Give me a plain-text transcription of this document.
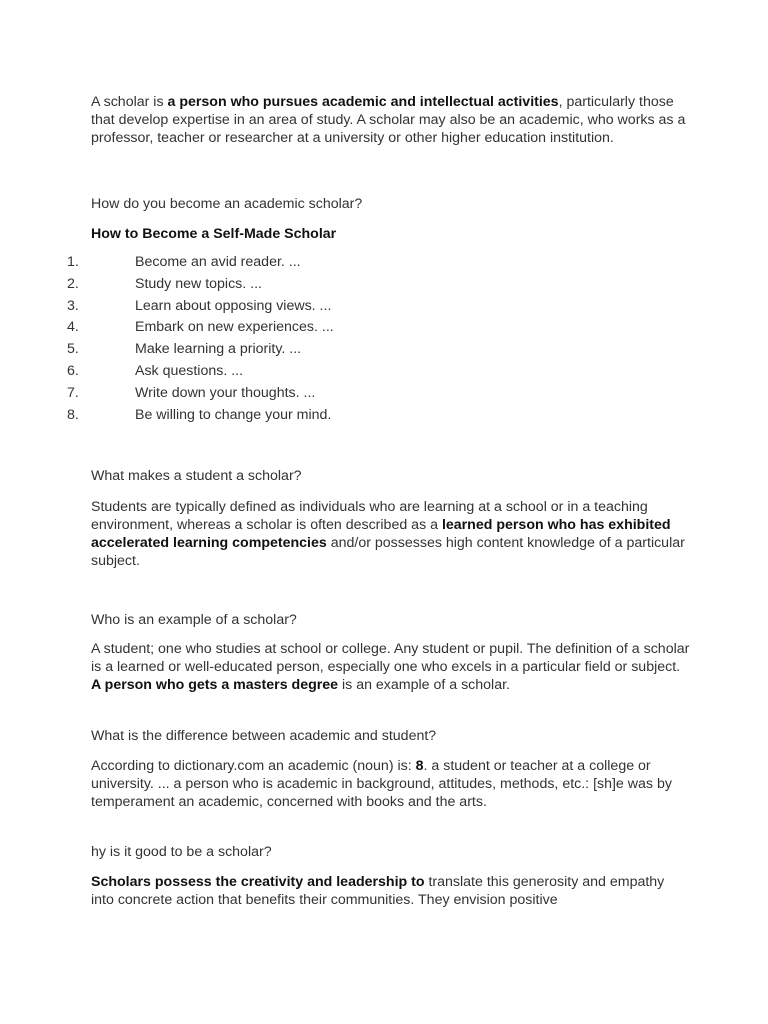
A scholar is a person who pursues academic and intellectual activities, particularly those that develop expertise in an area of study. A scholar may also be an academic, who works as a professor, teacher or researcher at a university or other higher education institution.

How do you become an academic scholar?

How to Become a Self-Made Scholar

1.	Become an avid reader. ...
2.	Study new topics. ...
3.	Learn about opposing views. ...
4.	Embark on new experiences. ...
5.	Make learning a priority. ...
6.	Ask questions. ...
7.	Write down your thoughts. ...
8.	Be willing to change your mind.

What makes a student a scholar?

Students are typically defined as individuals who are learning at a school or in a teaching environment, whereas a scholar is often described as a learned person who has exhibited accelerated learning competencies and/or possesses high content knowledge of a particular subject.

Who is an example of a scholar?

A student; one who studies at school or college. Any student or pupil. The definition of a scholar is a learned or well-educated person, especially one who excels in a particular field or subject. A person who gets a masters degree is an example of a scholar.

What is the difference between academic and student?

According to dictionary.com an academic (noun) is: 8. a student or teacher at a college or university. ... a person who is academic in background, attitudes, methods, etc.: [sh]e was by temperament an academic, concerned with books and the arts.

hy is it good to be a scholar?

Scholars possess the creativity and leadership to translate this generosity and empathy into concrete action that benefits their communities. They envision positive
